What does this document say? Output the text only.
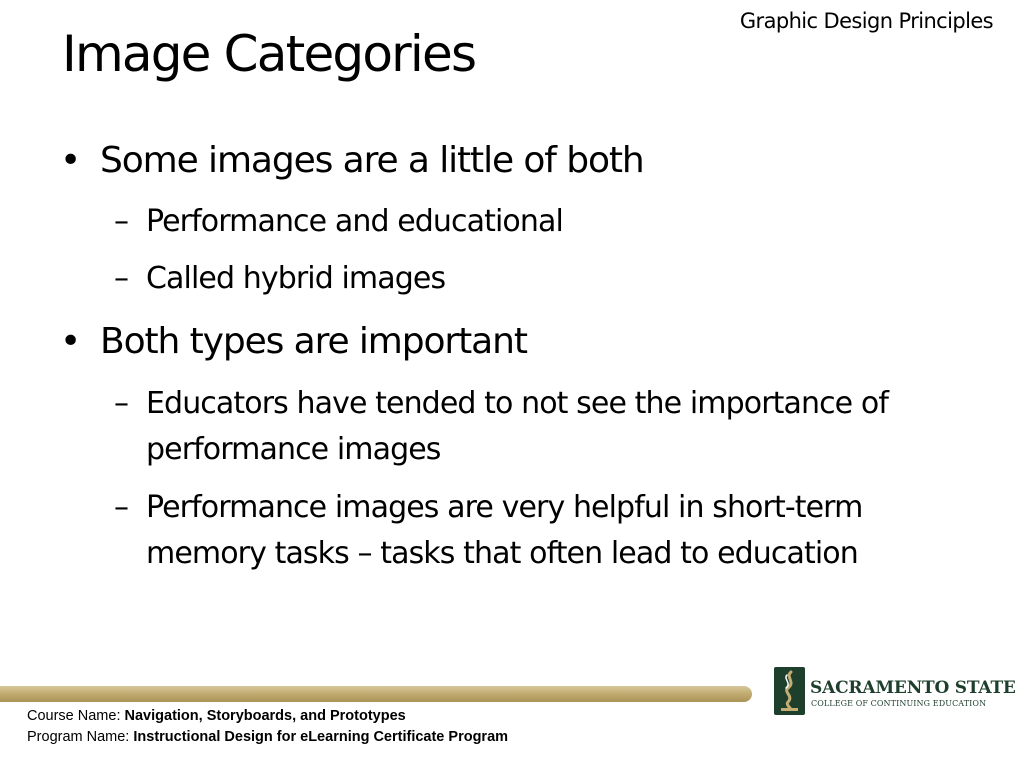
Graphic Design Principles
Image Categories
• Some images are a little of both
– Performance and educational
– Called hybrid images
• Both types are important
– Educators have tended to not see the importance of performance images
– Performance images are very helpful in short-term memory tasks – tasks that often lead to education
SACRAMENTO STATE
COLLEGE OF CONTINUING EDUCATION
Course Name: Navigation, Storyboards, and Prototypes
Program Name: Instructional Design for eLearning Certificate Program
